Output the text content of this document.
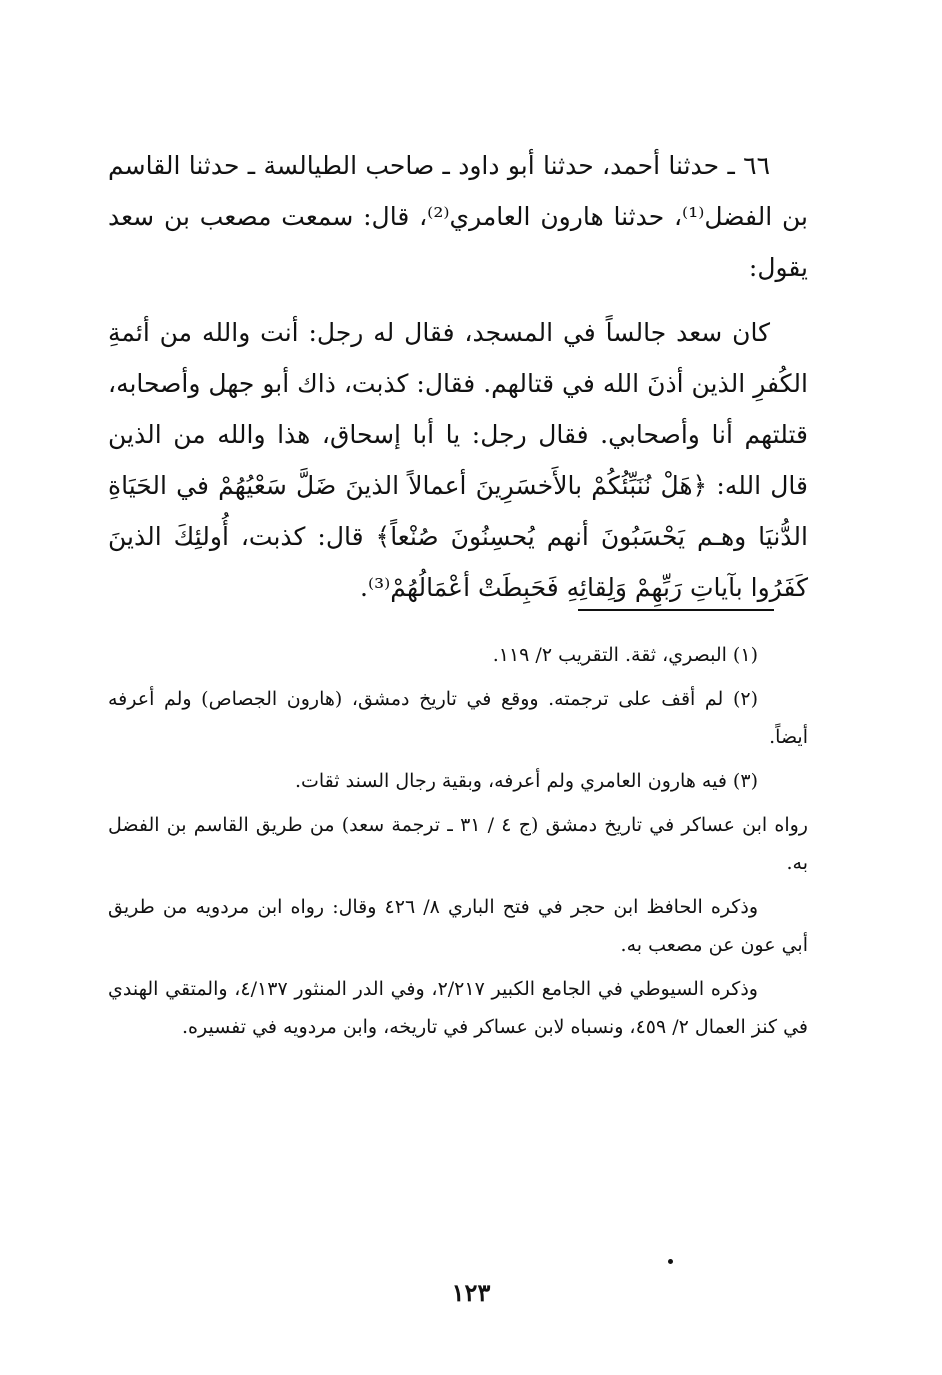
٦٦ ـ حدثنا أحمد، حدثنا أبو داود ـ صاحب الطيالسة ـ حدثنا القاسم بن الفضل⁽¹⁾، حدثنا هارون العامري⁽²⁾، قال: سمعت مصعب بن سعد يقول:

كان سعد جالساً في المسجد، فقال له رجل: أنت والله من أئمةِ الكُفرِ الذين أذنَ الله في قتالهم. فقال: كذبت، ذاك أبو جهل وأصحابه، قتلتهم أنا وأصحابي. فقال رجل: يا أبا إسحاق، هذا والله من الذين قال الله: ﴿هَلْ نُنَبِّئُكُمْ بالأَخسَرِينَ أعمالاً الذينَ ضَلَّ سَعْيُهُمْ في الحَيَاةِ الدُّنيَا وهـم يَحْسَبُونَ أنهم يُحسِنُونَ صُنْعاً﴾ قال: كذبت، أُولئِكَ الذينَ كَفَرُوا بآياتِ رَبِّهِمْ وَلِقائِهِ فَحَبِطَتْ أعْمَالُهُمْ⁽³⁾.

(١) البصري، ثقة. التقريب ٢/ ١١٩.

(٢) لم أقف على ترجمته. ووقع في تاريخ دمشق، (هارون الجصاص) ولم أعرفه أيضاً.

(٣) فيه هارون العامري ولم أعرفه، وبقية رجال السند ثقات.

رواه ابن عساكر في تاريخ دمشق (ج ٤ / ٣١ ـ ترجمة سعد) من طريق القاسم بن الفضل به.

وذكره الحافظ ابن حجر في فتح الباري ٨/ ٤٢٦ وقال: رواه ابن مردويه من طريق أبي عون عن مصعب به.

وذكره السيوطي في الجامع الكبير ٢/٢١٧، وفي الدر المنثور ٤/١٣٧، والمتقي الهندي في كنز العمال ٢/ ٤٥٩، ونسباه لابن عساكر في تاريخه، وابن مردويه في تفسيره.

١٢٣
